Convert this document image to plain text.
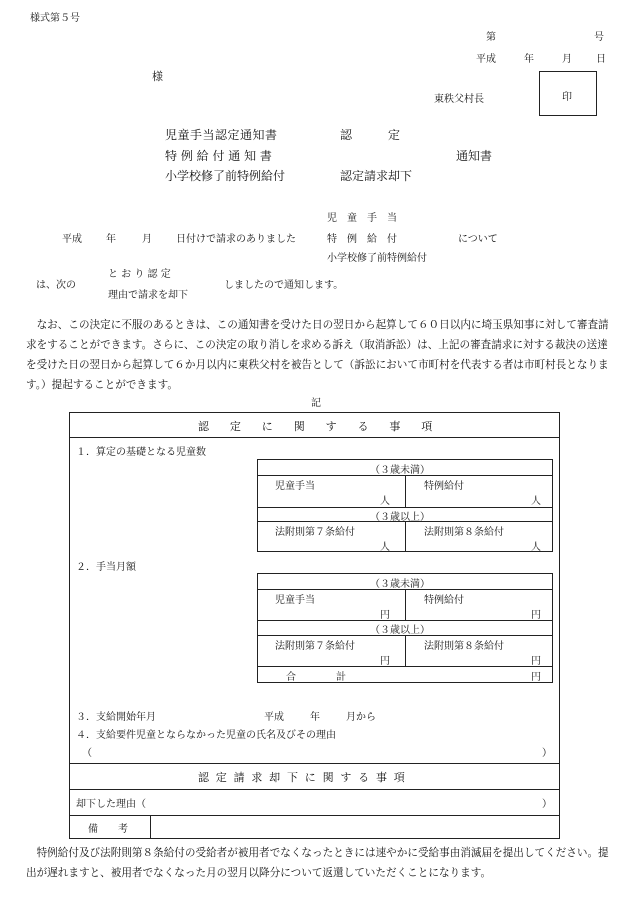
様式第５号
第	号
平成	年	月 日
様
東秩父村長	印
児童手当認定通知書	認　　　定
特 例 給 付 通 知 書	通知書
小学校修了前特例給付	認定請求却下
児　童　手　当
平成 年	月 日付けで請求のありました	特　例　給　付	について
小学校修了前特例給付
と お り 認 定
は、次の	しましたので通知します。
理由で請求を却下
なお、この決定に不服のあるときは、この通知書を受けた日の翌日から起算して６０日以内に埼玉県知事に対して審査請求をすることができます。さらに、この決定の取り消しを求める訴え（取消訴訟）は、上記の審査請求に対する裁決の送達を受けた日の翌日から起算して６か月以内に東秩父村を被告として（訴訟において市町村を代表する者は市町村長となります。）提起することができます。
記
認　定　に　関　す　る　事　項
１．算定の基礎となる児童数
（３歳未満）
児童手当	特例給付
人	人
（３歳以上）
法附則第７条給付	法附則第８条給付
人	人
２．手当月額
（３歳未満）
児童手当	特例給付
円	円
（３歳以上）
法附則第７条給付	法附則第８条給付
円	円
合　　　　計	円
３．支給開始年月	平成	年	月から
４．支給要件児童とならなかった児童の氏名及びその理由
（	）
認 定 請 求 却 下 に 関 す る 事 項
却下した理由（	）
備　　考
特例給付及び法附則第８条給付の受給者が被用者でなくなったときには速やかに受給事由消滅届を提出してください。提出が遅れますと、被用者でなくなった月の翌月以降分について返還していただくことになります。
